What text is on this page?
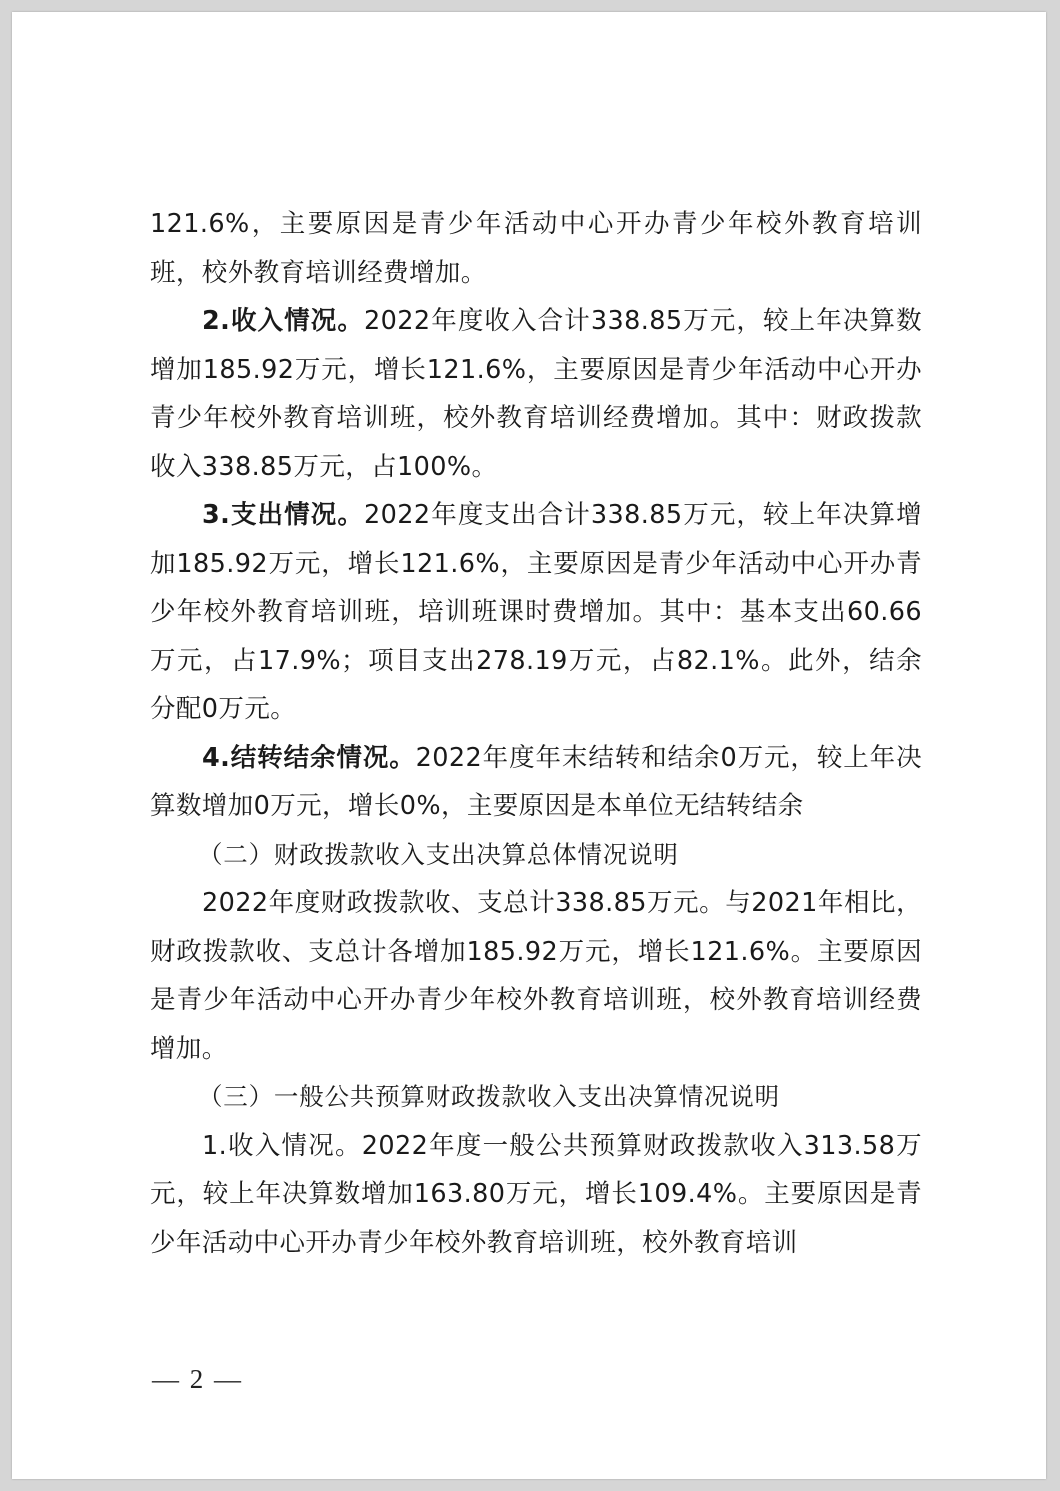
121.6%，主要原因是青少年活动中心开办青少年校外教育培训班，校外教育培训经费增加。

2.收入情况。2022年度收入合计338.85万元，较上年决算数增加185.92万元，增长121.6%，主要原因是青少年活动中心开办青少年校外教育培训班，校外教育培训经费增加。其中：财政拨款收入338.85万元，占100%。

3.支出情况。2022年度支出合计338.85万元，较上年决算增加185.92万元，增长121.6%，主要原因是青少年活动中心开办青少年校外教育培训班，培训班课时费增加。其中：基本支出60.66万元，占17.9%；项目支出278.19万元，占82.1%。此外，结余分配0万元。

4.结转结余情况。2022年度年末结转和结余0万元，较上年决算数增加0万元，增长0%，主要原因是本单位无结转结余

（二）财政拨款收入支出决算总体情况说明

2022年度财政拨款收、支总计338.85万元。与2021年相比，财政拨款收、支总计各增加185.92万元，增长121.6%。主要原因是青少年活动中心开办青少年校外教育培训班，校外教育培训经费增加。

（三）一般公共预算财政拨款收入支出决算情况说明

1.收入情况。2022年度一般公共预算财政拨款收入313.58万元，较上年决算数增加163.80万元，增长109.4%。主要原因是青少年活动中心开办青少年校外教育培训班，校外教育培训

— 2 —
